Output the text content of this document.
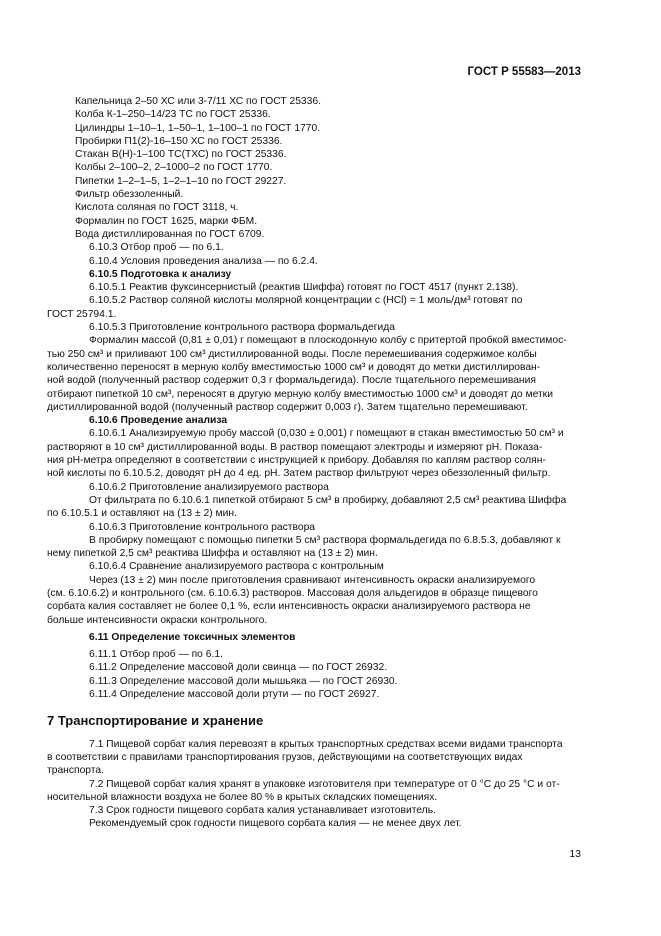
ГОСТ Р 55583—2013

Капельница 2–50 ХС или 3-7/11 ХС по ГОСТ 25336.

Колба К-1–250–14/23 ТС по ГОСТ 25336.

Цилиндры 1–10–1, 1–50–1, 1–100–1 по ГОСТ 1770.

Пробирки П1(2)-16–150 ХС по ГОСТ 25336.

Стакан В(Н)-1–100 ТС(ТХС) по ГОСТ 25336.

Колбы 2–100–2, 2–1000–2 по ГОСТ 1770.

Пипетки 1–2–1–5, 1–2–1–10 по ГОСТ 29227.

Фильтр обеззоленный.

Кислота соляная по ГОСТ 3118, ч.

Формалин по ГОСТ 1625, марки ФБМ.

Вода дистиллированная по ГОСТ 6709.

6.10.3 Отбор проб — по 6.1.

6.10.4 Условия проведения анализа — по 6.2.4.

6.10.5 Подготовка к анализу

6.10.5.1 Реактив фуксинсернистый (реактив Шиффа) готовят по ГОСТ 4517 (пункт 2.138).

6.10.5.2 Раствор соляной кислоты молярной концентрации c (HCl) = 1 моль/дм³ готовят по

ГОСТ 25794.1.

6.10.5.3 Приготовление контрольного раствора формальдегида

Формалин массой (0,81 ± 0,01) г помещают в плоскодонную колбу с притертой пробкой вместимос-

тью 250 см³ и приливают 100 см³ дистиллированной воды. После перемешивания содержимое колбы

количественно переносят в мерную колбу вместимостью 1000 см³ и доводят до метки дистиллирован-

ной водой (полученный раствор содержит 0,3 г формальдегида). После тщательного перемешивания

отбирают пипеткой 10 см³, переносят в другую мерную колбу вместимостью 1000 см³ и доводят до метки

дистиллированной водой (полученный раствор содержит 0,003 г). Затем тщательно перемешивают.

6.10.6 Проведение анализа

6.10.6.1 Анализируемую пробу массой (0,030 ± 0,001) г помещают в стакан вместимостью 50 см³ и

растворяют в 10 см³ дистиллированной воды. В раствор помещают электроды и измеряют рН. Показа-

ния рН-метра определяют в соответствии с инструкцией к прибору. Добавляя по каплям раствор солян-

ной кислоты по 6.10.5.2, доводят рН до 4 ед. рН. Затем раствор фильтруют через обеззоленный фильтр.

6.10.6.2 Приготовление анализируемого раствора

От фильтрата по 6.10.6.1 пипеткой отбирают 5 см³ в пробирку, добавляют 2,5 см³ реактива Шиффа

по 6.10.5.1 и оставляют на (13 ± 2) мин.

6.10.6.3 Приготовление контрольного раствора

В пробирку помещают с помощью пипетки 5 см³ раствора формальдегида по 6.8.5.3, добавляют к

нему пипеткой 2,5 см³ реактива Шиффа и оставляют на (13 ± 2) мин.

6.10.6.4 Сравнение анализируемого раствора с контрольным

Через (13 ± 2) мин после приготовления сравнивают интенсивность окраски анализируемого

(см. 6.10.6.2) и контрольного (см. 6.10.6.3) растворов. Массовая доля альдегидов в образце пищевого

сорбата калия составляет не более 0,1 %, если интенсивность окраски анализируемого раствора не

больше интенсивности окраски контрольного.

6.11 Определение токсичных элементов

6.11.1 Отбор проб — по 6.1.

6.11.2 Определение массовой доли свинца — по ГОСТ 26932.

6.11.3 Определение массовой доли мышьяка — по ГОСТ 26930.

6.11.4 Определение массовой доли ртути — по ГОСТ 26927.

7 Транспортирование и хранение

7.1 Пищевой сорбат калия перевозят в крытых транспортных средствах всеми видами транспорта

в соответствии с правилами транспортирования грузов, действующими на соответствующих видах

транспорта.

7.2 Пищевой сорбат калия хранят в упаковке изготовителя при температуре от 0 °С до 25 °С и от-

носительной влажности воздуха не более 80 % в крытых складских помещениях.

7.3 Срок годности пищевого сорбата калия устанавливает изготовитель.

Рекомендуемый срок годности пищевого сорбата калия — не менее двух лет.

13
